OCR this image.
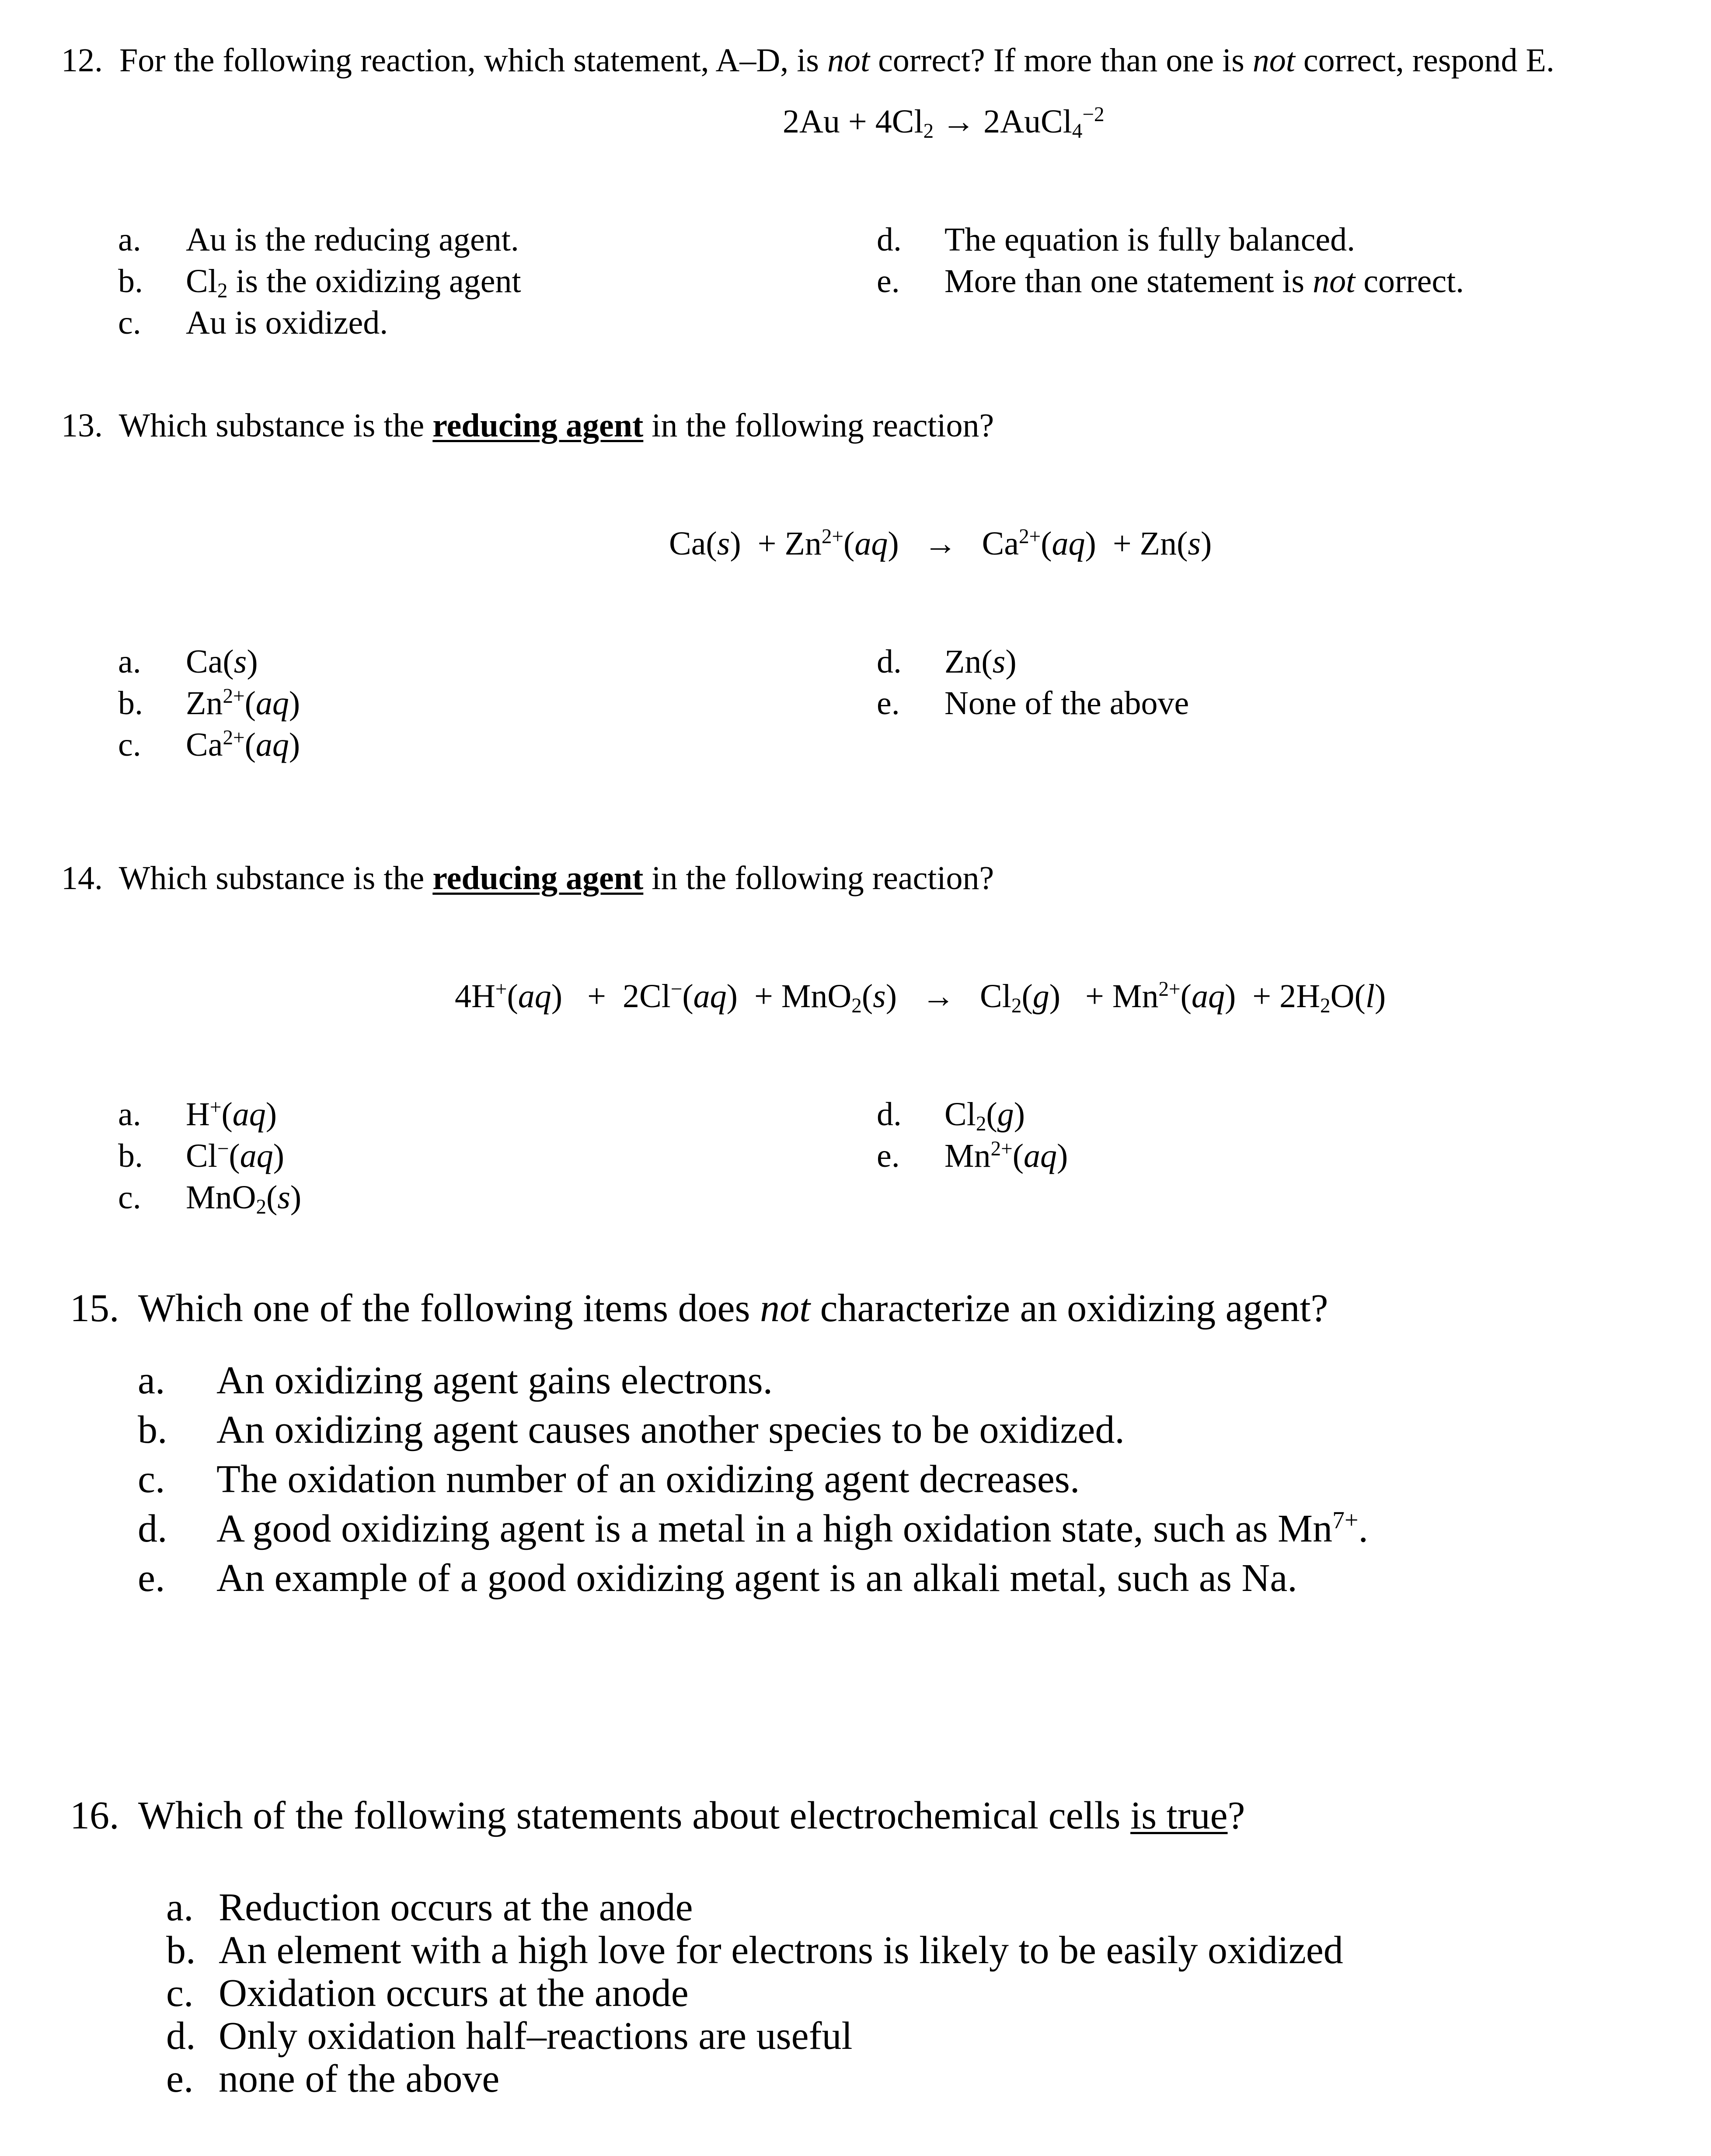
12. For the following reaction, which statement, A–D, is not correct? If more than one is not correct, respond E.
$2Au + 4Cl_2$ → 2AuCl$_4^{-2}$
a. Au is the reducing agent.
b. $Cl_2$ is the oxidizing agent
c. Au is oxidized.
d. The equation is fully balanced.
e. More than one statement is not correct.
13. Which substance is the reducing agent in the following reaction?
$Ca(s) + Zn^{2+}(aq) \to Ca^{2+}(aq) + Zn(s)$
a. Ca(s)
b. $Zn^{2+}(aq)$
c. $Ca^{2+}(aq)$
d. Zn(s)
e. None of the above
14. Which substance is the reducing agent in the following reaction?
$4H^+(aq) + 2Cl^-(aq) + MnO_2(s) \to Cl_2(g) + Mn^{2+}(aq) + 2H_2O(l)$
a. H+(aq)
b. Cl−(aq)
c. MnO$_2$(s)
d. $Cl_2(g)$
e. $Mn^{2+}(aq)$
15. Which one of the following items does not characterize an oxidizing agent?
a. An oxidizing agent gains electrons.
b. An oxidizing agent causes another species to be oxidized.
c. The oxidation number of an oxidizing agent decreases.
d. A good oxidizing agent is a metal in a high oxidation state, such as $Mn^{7+}$.
e. An example of a good oxidizing agent is an alkali metal, such as Na.
16. Which of the following statements about electrochemical cells is true?
a. Reduction occurs at the anode
b. An element with a high love for electrons is likely to be easily oxidized
c. Oxidation occurs at the anode
d. Only oxidation half–reactions are useful
e. none of the above
